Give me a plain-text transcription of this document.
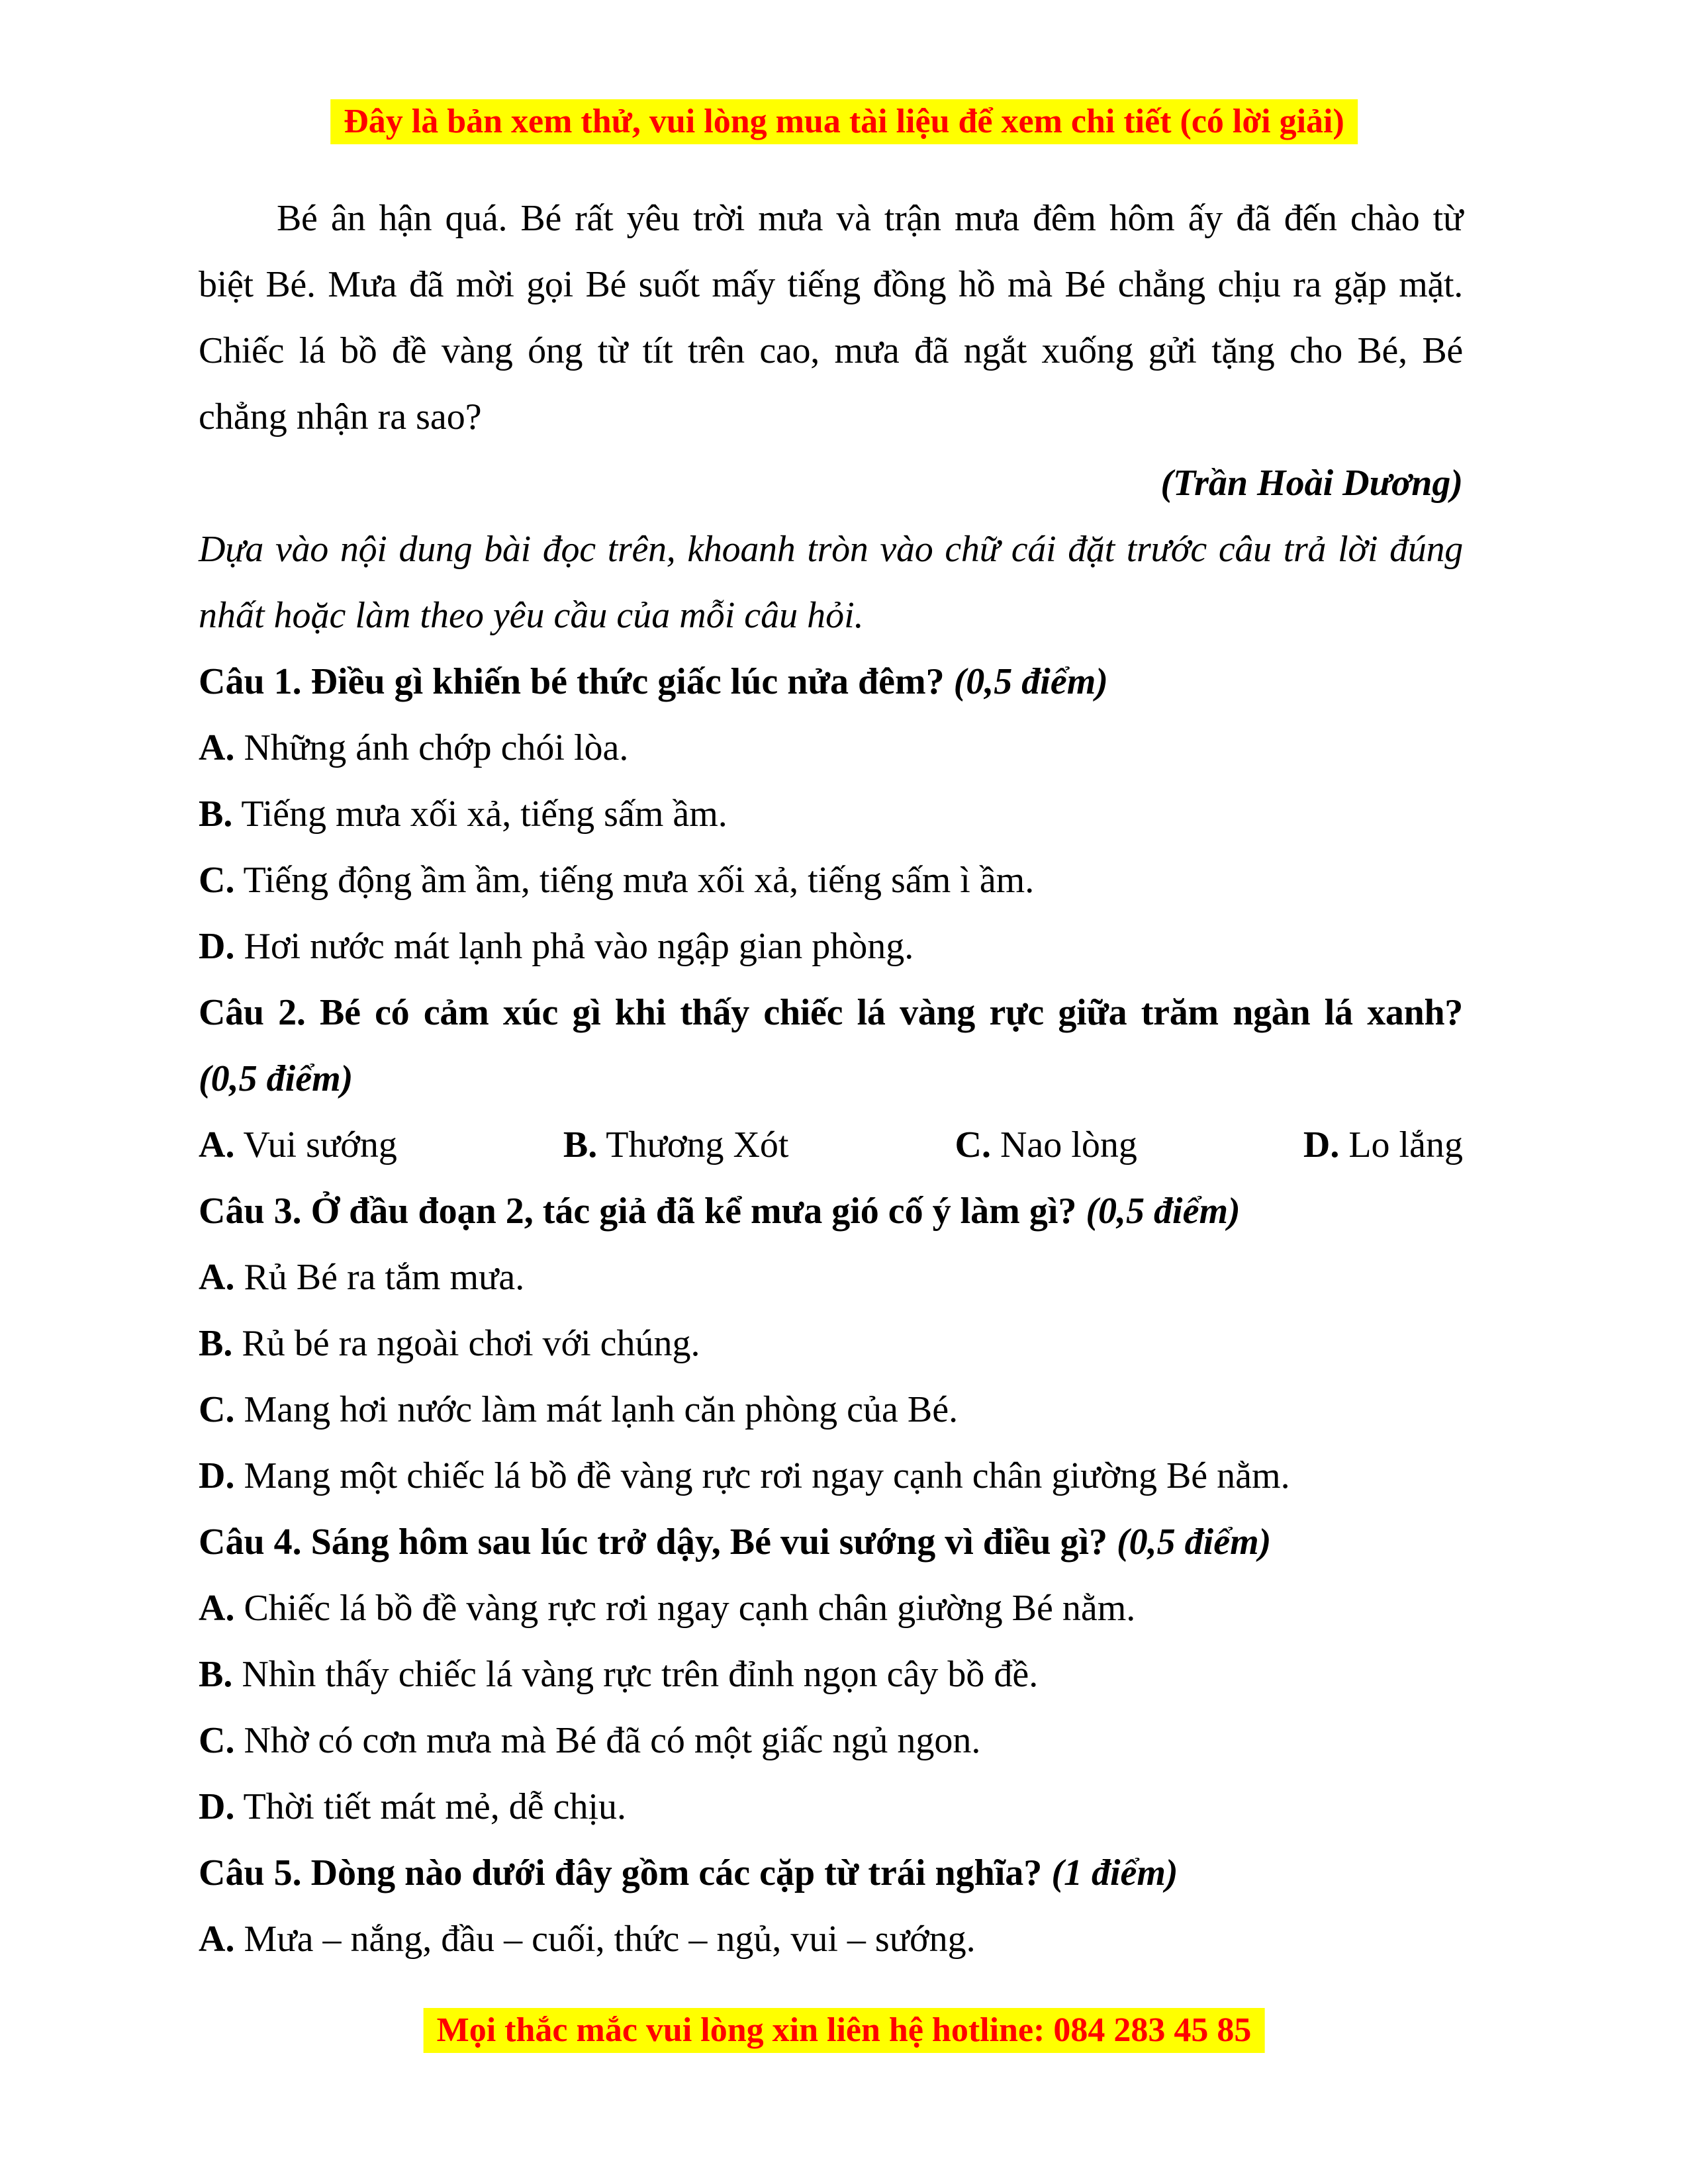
Đây là bản xem thử, vui lòng mua tài liệu để xem chi tiết (có lời giải)
Bé ân hận quá. Bé rất yêu trời mưa và trận mưa đêm hôm ấy đã đến chào từ
biệt Bé. Mưa đã mời gọi Bé suốt mấy tiếng đồng hồ mà Bé chẳng chịu ra gặp mặt.
Chiếc lá bồ đề vàng óng từ tít trên cao, mưa đã ngắt xuống gửi tặng cho Bé, Bé
chẳng nhận ra sao?
(Trần Hoài Dương)
Dựa vào nội dung bài đọc trên, khoanh tròn vào chữ cái đặt trước câu trả lời đúng
nhất hoặc làm theo yêu cầu của mỗi câu hỏi.
Câu 1. Điều gì khiến bé thức giấc lúc nửa đêm? (0,5 điểm)
A. Những ánh chớp chói lòa.
B. Tiếng mưa xối xả, tiếng sấm ầm.
C. Tiếng động ầm ầm, tiếng mưa xối xả, tiếng sấm ì ầm.
D. Hơi nước mát lạnh phả vào ngập gian phòng.
Câu 2. Bé có cảm xúc gì khi thấy chiếc lá vàng rực giữa trăm ngàn lá xanh?
(0,5 điểm)
A. Vui sướng	B. Thương Xót	C. Nao lòng	D. Lo lắng
Câu 3. Ở đầu đoạn 2, tác giả đã kể mưa gió cố ý làm gì? (0,5 điểm)
A. Rủ Bé ra tắm mưa.
B. Rủ bé ra ngoài chơi với chúng.
C. Mang hơi nước làm mát lạnh căn phòng của Bé.
D. Mang một chiếc lá bồ đề vàng rực rơi ngay cạnh chân giường Bé nằm.
Câu 4. Sáng hôm sau lúc trở dậy, Bé vui sướng vì điều gì? (0,5 điểm)
A. Chiếc lá bồ đề vàng rực rơi ngay cạnh chân giường Bé nằm.
B. Nhìn thấy chiếc lá vàng rực trên đỉnh ngọn cây bồ đề.
C. Nhờ có cơn mưa mà Bé đã có một giấc ngủ ngon.
D. Thời tiết mát mẻ, dễ chịu.
Câu 5. Dòng nào dưới đây gồm các cặp từ trái nghĩa? (1 điểm)
A. Mưa – nắng, đầu – cuối, thức – ngủ, vui – sướng.
Mọi thắc mắc vui lòng xin liên hệ hotline: 084 283 45 85
